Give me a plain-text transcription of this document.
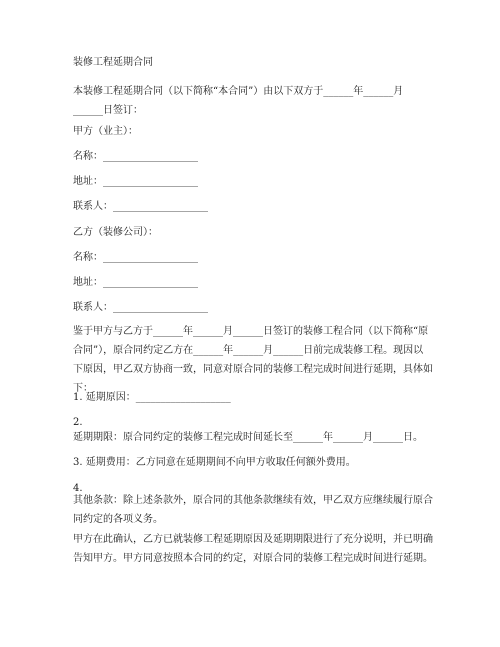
装修工程延期合同
本装修工程延期合同（以下简称“本合同”）由以下双方于______年______月______日签订：
甲方（业主）：
名称：___________________
地址：___________________
联系人：___________________
乙方（装修公司）：
名称：___________________
地址：___________________
联系人：___________________
鉴于甲方与乙方于______年______月______日签订的装修工程合同（以下简称“原合同”），原合同约定乙方在______年______月______日前完成装修工程。现因以下原因，甲乙双方协商一致，同意对原合同的装修工程完成时间进行延期，具体如下：
1. 延期原因：___________________
2.
延期期限：原合同约定的装修工程完成时间延长至______年______月______日。
3. 延期费用：乙方同意在延期期间不向甲方收取任何额外费用。
4.
其他条款：除上述条款外，原合同的其他条款继续有效，甲乙双方应继续履行原合同约定的各项义务。
甲方在此确认，乙方已就装修工程延期原因及延期期限进行了充分说明，并已明确告知甲方。甲方同意按照本合同的约定，对原合同的装修工程完成时间进行延期。
